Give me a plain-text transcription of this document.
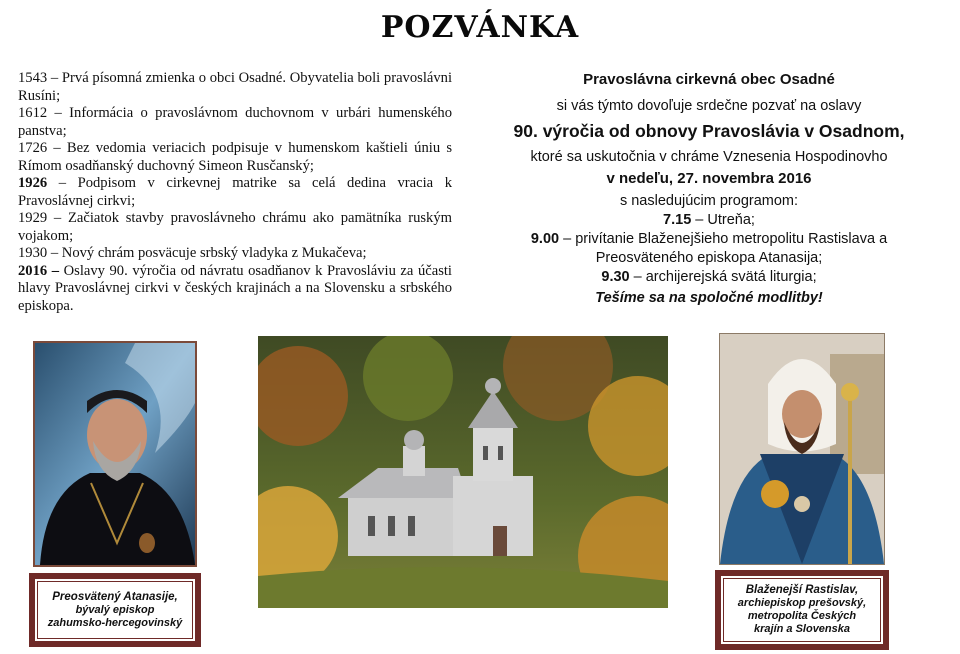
POZVÁNKA

1543 – Prvá písomná zmienka o obci Osadné. Obyvatelia boli pravoslávni Rusíni;

1612 – Informácia o pravoslávnom duchovnom v urbári humenského panstva;

1726 – Bez vedomia veriacich podpisuje v humenskom kaštieli úniu s Rímom osadňanský duchovný Simeon Rusčanský;

1926 – Podpisom v cirkevnej matrike sa celá dedina vracia k Pravoslávnej cirkvi;

1929 – Začiatok stavby pravoslávneho chrámu ako pamätníka ruským vojakom;

1930 – Nový chrám posväcuje srbský vladyka z Mukačeva;

2016 – Oslavy 90. výročia od návratu osadňanov k Pravosláviu za účasti hlavy Pravoslávnej cirkvi v českých krajinách a na Slovensku a srbského episkopa.

Pravoslávna cirkevná obec Osadné
si vás týmto dovoľuje srdečne pozvať na oslavy
90. výročia od obnovy Pravoslávia v Osadnom,
ktoré sa uskutočnia v chráme Vznesenia Hospodinovho
v nedeľu, 27. novembra 2016
s nasledujúcim programom:
7.15 – Utreňa;
9.00 – privítanie Blaženejšieho metropolitu Rastislava a Preosväteného episkopa Atanasija;
9.30 – archijerejská svätá liturgia;
Tešíme sa na spoločné modlitby!
Preosvätený Atanasije,
bývalý episkop
zahumsko-hercegovinský
Blaženejší Rastislav,
archiepiskop prešovský,
metropolita Českých
krajín a Slovenska
